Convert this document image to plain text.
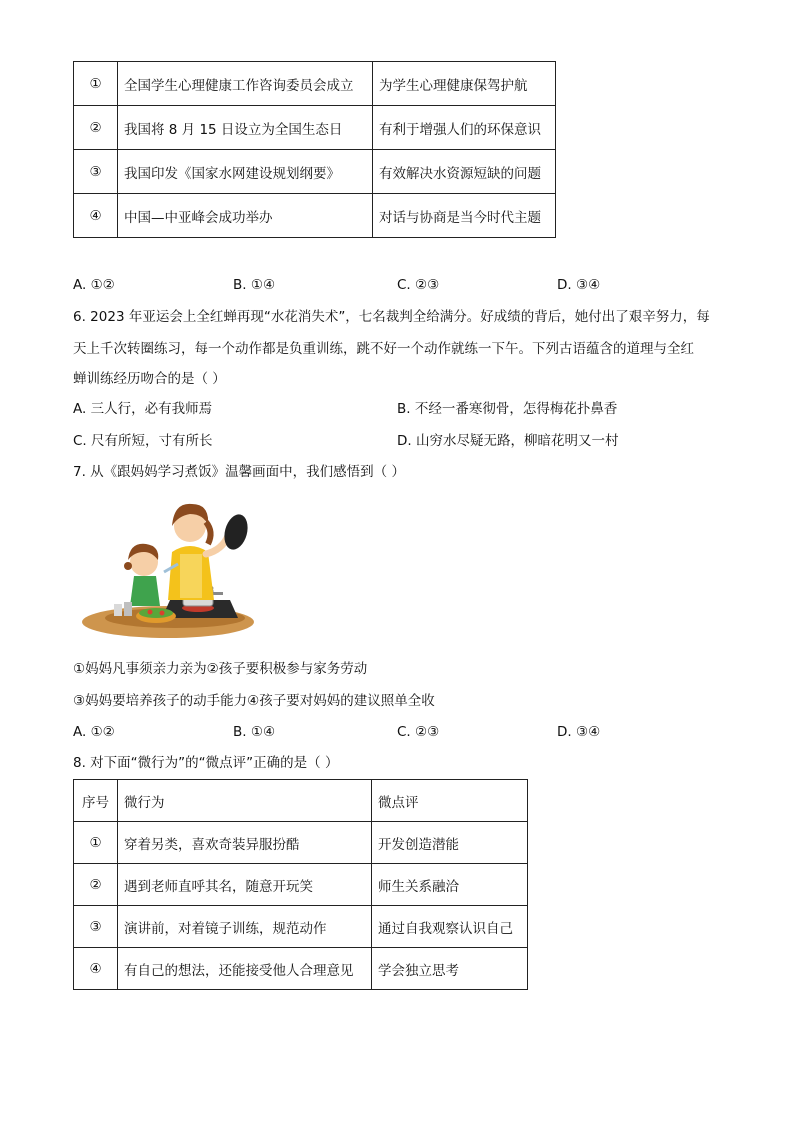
①	全国学生心理健康工作咨询委员会成立	为学生心理健康保驾护航
②	我国将 8 月 15 日设立为全国生态日	有利于增强人们的环保意识
③	我国印发《国家水网建设规划纲要》	有效解决水资源短缺的问题
④	中国—中亚峰会成功举办	对话与协商是当今时代主题
A. ①②	B. ①④	C. ②③	D. ③④
6. 2023 年亚运会上全红蝉再现“水花消失术”，七名裁判全给满分。好成绩的背后，她付出了艰辛努力，每
天上千次转圈练习，每一个动作都是负重训练，跳不好一个动作就练一下午。下列古语蕴含的道理与全红
蝉训练经历吻合的是（ ）
A. 三人行，必有我师焉	B. 不经一番寒彻骨，怎得梅花扑鼻香
C. 尺有所短，寸有所长	D. 山穷水尽疑无路，柳暗花明又一村
7. 从《跟妈妈学习煮饭》温馨画面中，我们感悟到（ ）
①妈妈凡事须亲力亲为②孩子要积极参与家务劳动
③妈妈要培养孩子的动手能力④孩子要对妈妈的建议照单全收
A. ①②	B. ①④	C. ②③	D. ③④
8. 对下面“微行为”的“微点评”正确的是（ ）
序号	微行为	微点评
①	穿着另类，喜欢奇装异服扮酷	开发创造潜能
②	遇到老师直呼其名，随意开玩笑	师生关系融洽
③	演讲前，对着镜子训练，规范动作	通过自我观察认识自己
④	有自己的想法，还能接受他人合理意见	学会独立思考
